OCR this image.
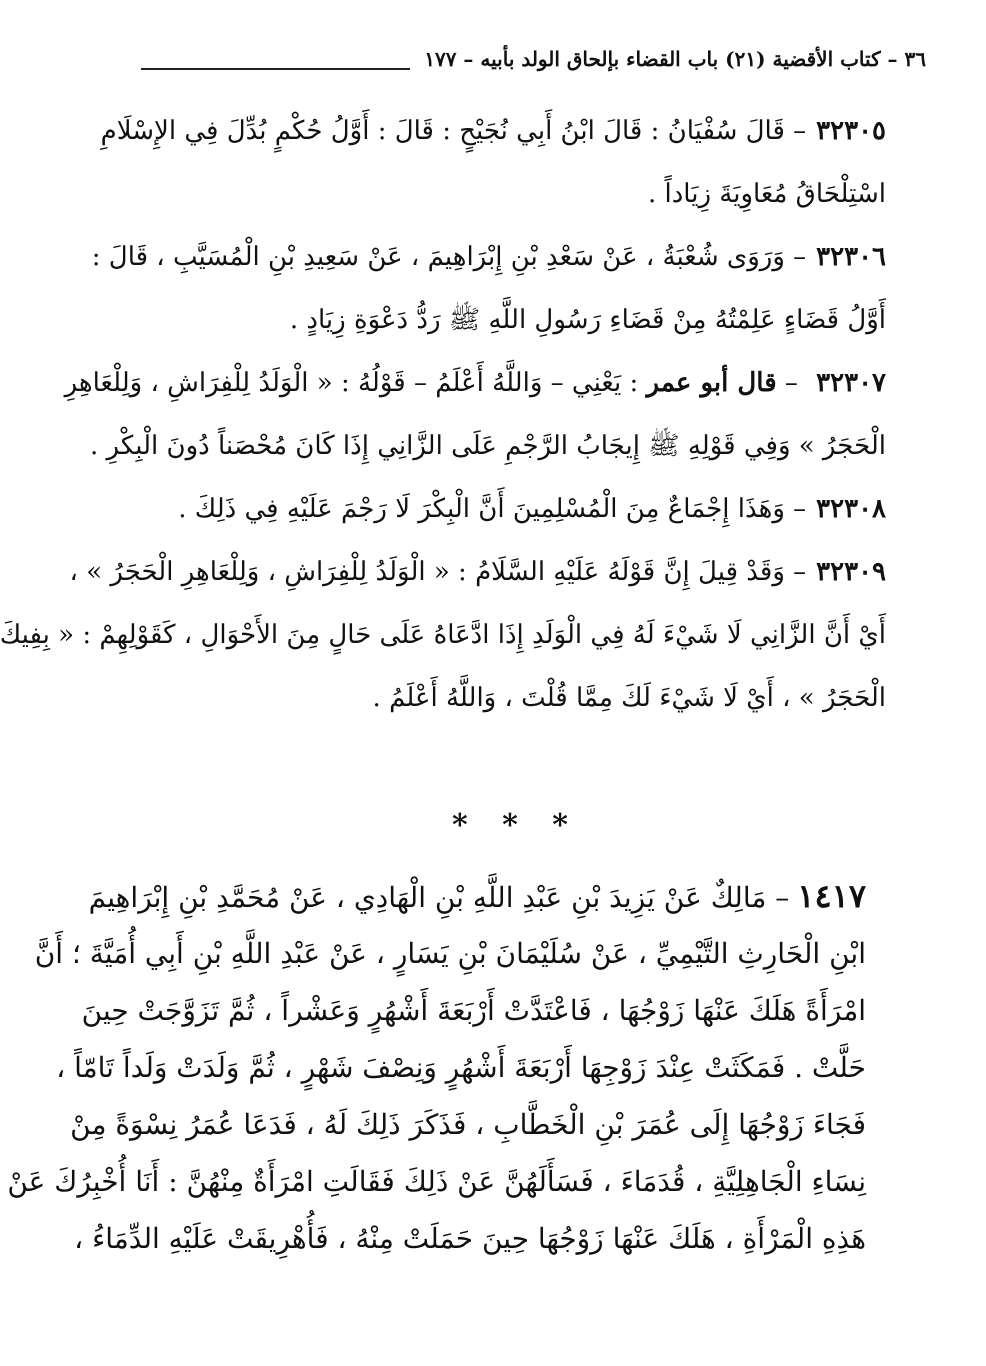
٣٦ – كتاب الأقضية (٢١) باب القضاء بإلحاق الولد بأبيه – ١٧٧
٣٢٣٠٥– قَالَ سُفْيَانُ : قَالَ ابْنُ أَبِي نُجَيْحٍ : قَالَ : أَوَّلُ حُكْمٍ بُدِّلَ فِي الإِسْلَامِ
اسْتِلْحَاقُ مُعَاوِيَةَ زِيَاداً .
٣٢٣٠٦– وَرَوَى شُعْبَةُ ، عَنْ سَعْدِ بْنِ إِبْرَاهِيمَ ، عَنْ سَعِيدِ بْنِ الْمُسَيَّبِ ، قَالَ :
أَوَّلُ قَضَاءٍ عَلِمْتُهُ مِنْ قَضَاءِ رَسُولِ اللَّهِ ﷺ رَدُّ دَعْوَةِ زِيَادٍ .
٣٢٣٠٧ – قال أبو عمر : يَعْنِي – وَاللَّهُ أَعْلَمُ – قَوْلُهُ : « الْوَلَدُ لِلْفِرَاشِ ، وَلِلْعَاهِرِ
الْحَجَرُ » وَفِي قَوْلِهِ ﷺ إِيجَابُ الرَّجْمِ عَلَى الزَّانِي إِذَا كَانَ مُحْصَناً دُونَ الْبِكْرِ .
٣٢٣٠٨– وَهَذَا إِجْمَاعٌ مِنَ الْمُسْلِمِينَ أَنَّ الْبِكْرَ لَا رَجْمَ عَلَيْهِ فِي ذَلِكَ .
٣٢٣٠٩– وَقَدْ قِيلَ إِنَّ قَوْلَهُ عَلَيْهِ السَّلَامُ : « الْوَلَدُ لِلْفِرَاشِ ، وَلِلْعَاهِرِ الْحَجَرُ » ،
أَيْ أَنَّ الزَّانِي لَا شَيْءَ لَهُ فِي الْوَلَدِ إِذَا ادَّعَاهُ عَلَى حَالٍ مِنَ الأَحْوَالِ ، كَقَوْلِهِمْ : « بِفِيكَ
الْحَجَرُ » ، أَيْ لَا شَيْءَ لَكَ مِمَّا قُلْتَ ، وَاللَّهُ أَعْلَمُ .
* * *
١٤١٧– مَالِكٌ عَنْ يَزِيدَ بْنِ عَبْدِ اللَّهِ بْنِ الْهَادِي ، عَنْ مُحَمَّدِ بْنِ إِبْرَاهِيمَ
ابْنِ الْحَارِثِ التَّيْمِيِّ ، عَنْ سُلَيْمَانَ بْنِ يَسَارٍ ، عَنْ عَبْدِ اللَّهِ بْنِ أَبِي أُمَيَّةَ ؛ أَنَّ
امْرَأَةً هَلَكَ عَنْهَا زَوْجُهَا ، فَاعْتَدَّتْ أَرْبَعَةَ أَشْهُرٍ وَعَشْراً ، ثُمَّ تَزَوَّجَتْ حِينَ
حَلَّتْ . فَمَكَثَتْ عِنْدَ زَوْجِهَا أَرْبَعَةَ أَشْهُرٍ وَنِصْفَ شَهْرٍ ، ثُمَّ وَلَدَتْ وَلَداً تَامّاً ،
فَجَاءَ زَوْجُهَا إِلَى عُمَرَ بْنِ الْخَطَّابِ ، فَذَكَرَ ذَلِكَ لَهُ ، فَدَعَا عُمَرُ نِسْوَةً مِنْ
نِسَاءِ الْجَاهِلِيَّةِ ، قُدَمَاءَ ، فَسَأَلَهُنَّ عَنْ ذَلِكَ فَقَالَتِ امْرَأَةٌ مِنْهُنَّ : أَنَا أُخْبِرُكَ عَنْ
هَذِهِ الْمَرْأَةِ ، هَلَكَ عَنْهَا زَوْجُهَا حِينَ حَمَلَتْ مِنْهُ ، فَأُهْرِيقَتْ عَلَيْهِ الدِّمَاءُ ،
